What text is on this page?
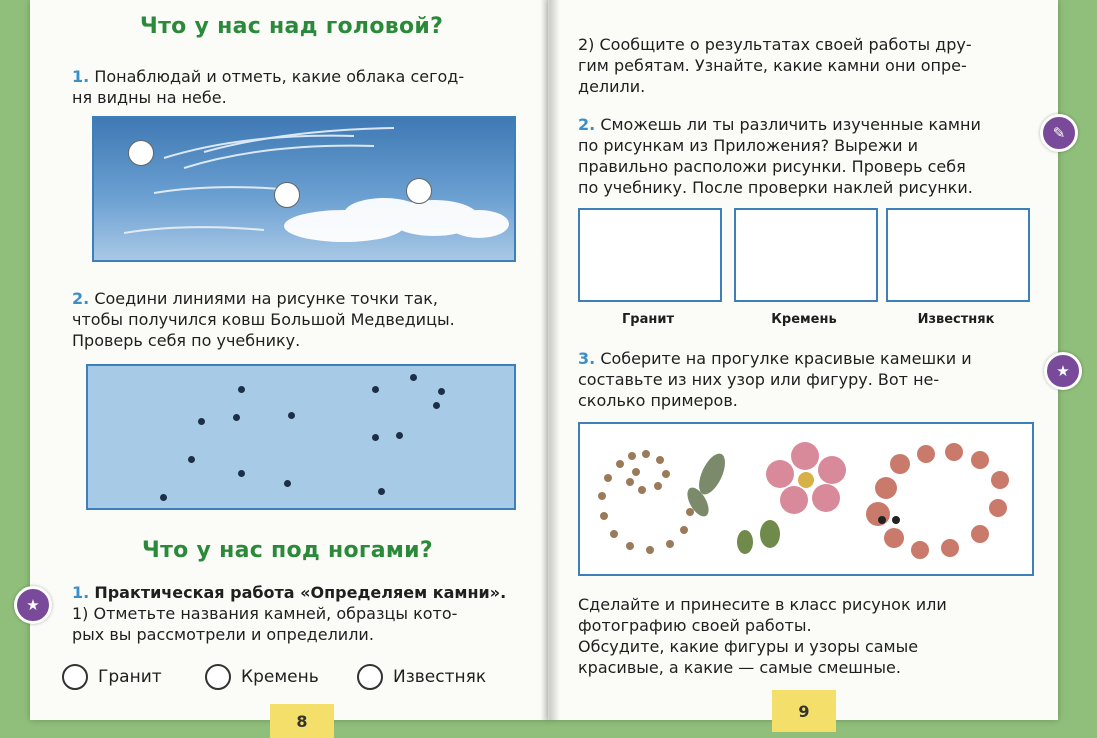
Что у нас над головой?
1. Понаблюдай и отметь, какие облака сегод-
ня видны на небе.
2. Соедини линиями на рисунке точки так,
чтобы получился ковш Большой Медведицы.
Проверь себя по учебнику.
Что у нас под ногами?
★
1. Практическая работа «Определяем камни».
1) Отметьте названия камней, образцы кото-
рых вы рассмотрели и определили.
Гранит	Кремень	Известняк
8
2) Сообщите о результатах своей работы дру-
гим ребятам. Узнайте, какие камни они опре-
делили.
✎
2. Сможешь ли ты различить изученные камни
по рисункам из Приложения? Вырежи и
правильно расположи рисунки. Проверь себя
по учебнику. После проверки наклей рисунки.
Гранит	Кремень	Известняк
★
3. Соберите на прогулке красивые камешки и
составьте из них узор или фигуру. Вот не-
сколько примеров.
Сделайте и принесите в класс рисунок или
фотографию своей работы.
Обсудите, какие фигуры и узоры самые
красивые, а какие — самые смешные.
9
